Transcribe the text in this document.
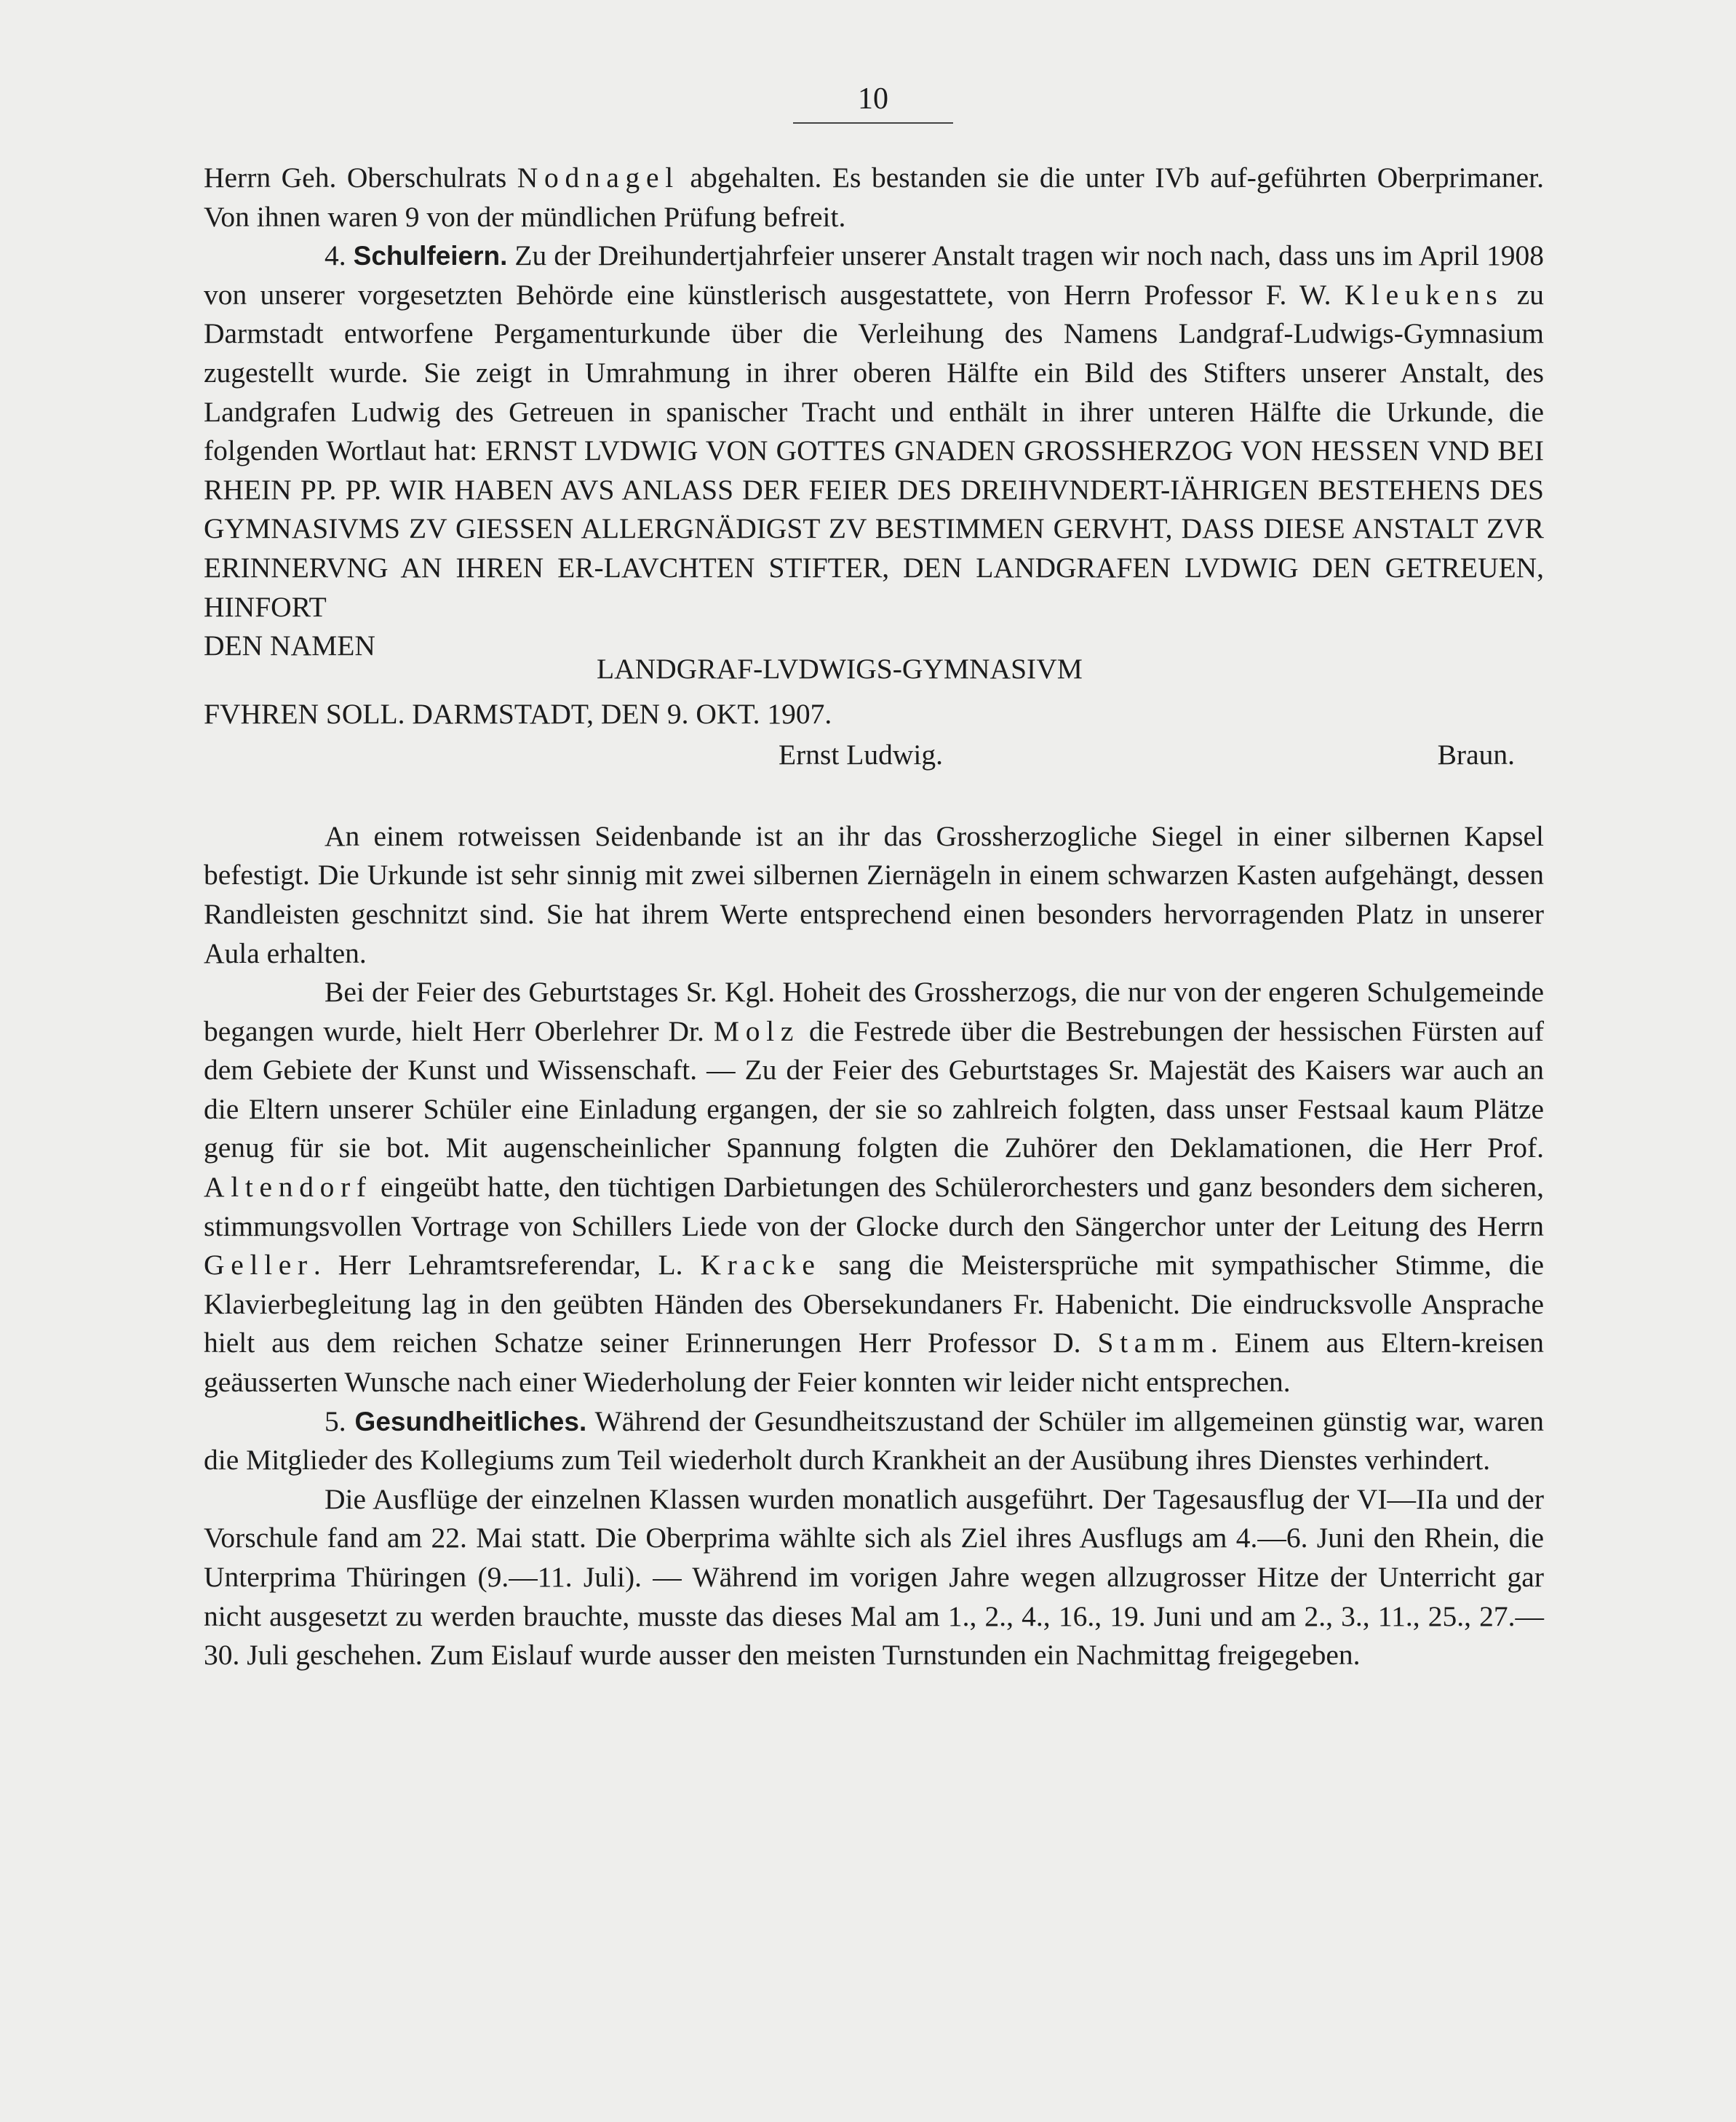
10

Herrn Geh. Oberschulrats Nodnagel abgehalten. Es bestanden sie die unter IVb auf-geführten Oberprimaner. Von ihnen waren 9 von der mündlichen Prüfung befreit.

4. Schulfeiern. Zu der Dreihundertjahrfeier unserer Anstalt tragen wir noch nach, dass uns im April 1908 von unserer vorgesetzten Behörde eine künstlerisch ausgestattete, von Herrn Professor F. W. Kleukens zu Darmstadt entworfene Pergamenturkunde über die Verleihung des Namens Landgraf-Ludwigs-Gymnasium zugestellt wurde. Sie zeigt in Umrahmung in ihrer oberen Hälfte ein Bild des Stifters unserer Anstalt, des Landgrafen Ludwig des Getreuen in spanischer Tracht und enthält in ihrer unteren Hälfte die Urkunde, die folgenden Wortlaut hat: ERNST LVDWIG VON GOTTES GNADEN GROSSHERZOG VON HESSEN VND BEI RHEIN PP. PP. WIR HABEN AVS ANLASS DER FEIER DES DREIHVNDERT-IÄHRIGEN BESTEHENS DES GYMNASIVMS ZV GIESSEN ALLERGNÄDIGST ZV BESTIMMEN GERVHT, DASS DIESE ANSTALT ZVR ERINNERVNG AN IHREN ER-LAVCHTEN STIFTER, DEN LANDGRAFEN LVDWIG DEN GETREUEN, HINFORT

DEN NAMEN
LANDGRAF-LVDWIGS-GYMNASIVM
FVHREN SOLL. DARMSTADT, DEN 9. OKT. 1907.
Ernst Ludwig.	Braun.

An einem rotweissen Seidenbande ist an ihr das Grossherzogliche Siegel in einer silbernen Kapsel befestigt. Die Urkunde ist sehr sinnig mit zwei silbernen Ziernägeln in einem schwarzen Kasten aufgehängt, dessen Randleisten geschnitzt sind. Sie hat ihrem Werte entsprechend einen besonders hervorragenden Platz in unserer Aula erhalten.

Bei der Feier des Geburtstages Sr. Kgl. Hoheit des Grossherzogs, die nur von der engeren Schulgemeinde begangen wurde, hielt Herr Oberlehrer Dr. Molz die Festrede über die Bestrebungen der hessischen Fürsten auf dem Gebiete der Kunst und Wissenschaft. — Zu der Feier des Geburtstages Sr. Majestät des Kaisers war auch an die Eltern unserer Schüler eine Einladung ergangen, der sie so zahlreich folgten, dass unser Festsaal kaum Plätze genug für sie bot. Mit augenscheinlicher Spannung folgten die Zuhörer den Deklamationen, die Herr Prof. Altendorf eingeübt hatte, den tüchtigen Darbietungen des Schülerorchesters und ganz besonders dem sicheren, stimmungsvollen Vortrage von Schillers Liede von der Glocke durch den Sängerchor unter der Leitung des Herrn Geller. Herr Lehramtsreferendar, L. Kracke sang die Meistersprüche mit sympathischer Stimme, die Klavierbegleitung lag in den geübten Händen des Obersekundaners Fr. Habenicht. Die eindrucksvolle Ansprache hielt aus dem reichen Schatze seiner Erinnerungen Herr Professor D. Stamm. Einem aus Eltern-kreisen geäusserten Wunsche nach einer Wiederholung der Feier konnten wir leider nicht entsprechen.

5. Gesundheitliches. Während der Gesundheitszustand der Schüler im allgemeinen günstig war, waren die Mitglieder des Kollegiums zum Teil wiederholt durch Krankheit an der Ausübung ihres Dienstes verhindert.

Die Ausflüge der einzelnen Klassen wurden monatlich ausgeführt. Der Tagesausflug der VI—IIa und der Vorschule fand am 22. Mai statt. Die Oberprima wählte sich als Ziel ihres Ausflugs am 4.—6. Juni den Rhein, die Unterprima Thüringen (9.—11. Juli). — Während im vorigen Jahre wegen allzugrosser Hitze der Unterricht gar nicht ausgesetzt zu werden brauchte, musste das dieses Mal am 1., 2., 4., 16., 19. Juni und am 2., 3., 11., 25., 27.—30. Juli geschehen. Zum Eislauf wurde ausser den meisten Turnstunden ein Nachmittag freigegeben.
